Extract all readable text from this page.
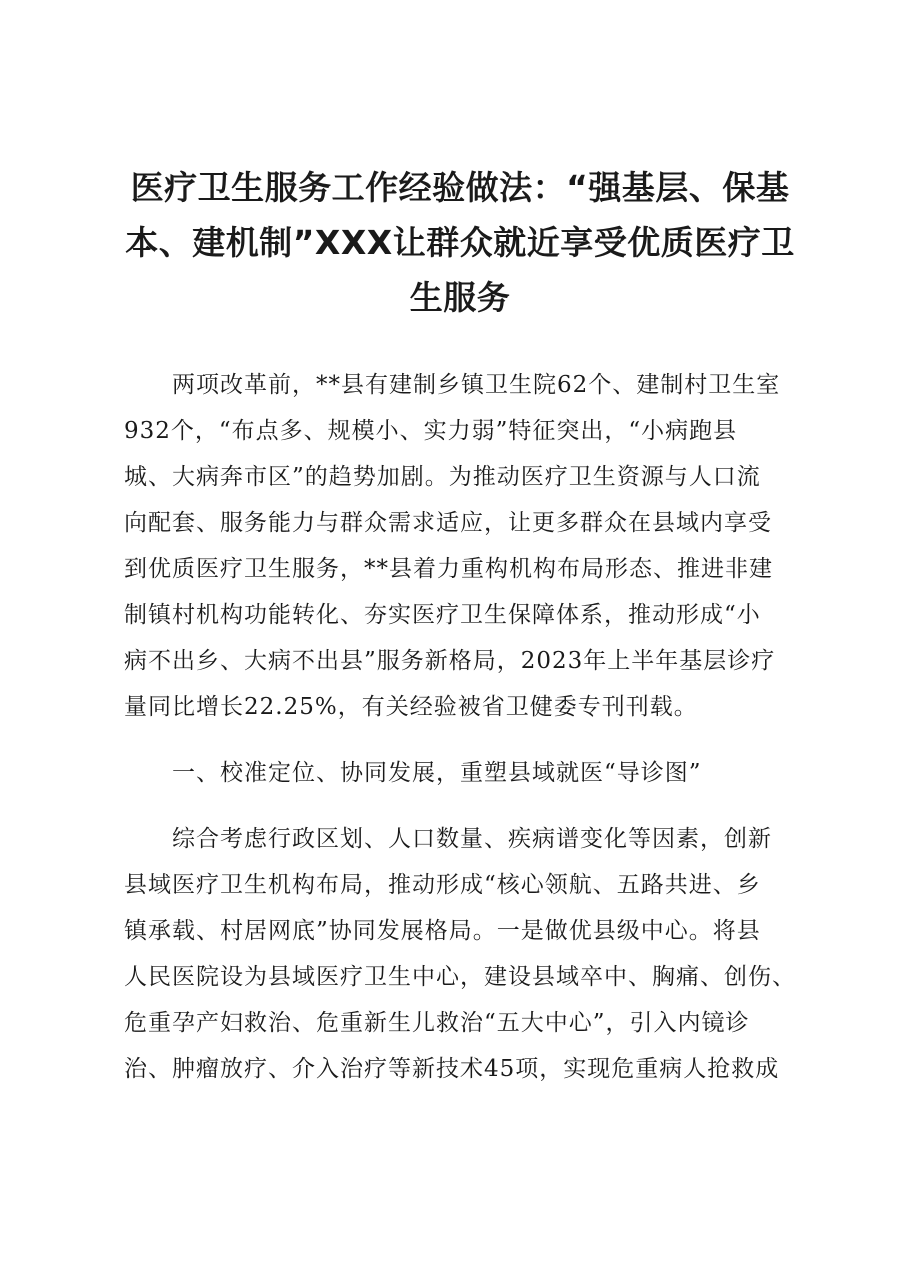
医疗卫生服务工作经验做法：“强基层、保基
本、建机制”XXX让群众就近享受优质医疗卫
生服务
　　两项改革前，**县有建制乡镇卫生院62个、建制村卫生室
932个，“布点多、规模小、实力弱”特征突出，“小病跑县
城、大病奔市区”的趋势加剧。为推动医疗卫生资源与人口流
向配套、服务能力与群众需求适应，让更多群众在县域内享受
到优质医疗卫生服务，**县着力重构机构布局形态、推进非建
制镇村机构功能转化、夯实医疗卫生保障体系，推动形成“小
病不出乡、大病不出县”服务新格局，2023年上半年基层诊疗
量同比增长22.25%，有关经验被省卫健委专刊刊载。
　　一、校准定位、协同发展，重塑县域就医“导诊图”
　　综合考虑行政区划、人口数量、疾病谱变化等因素，创新
县域医疗卫生机构布局，推动形成“核心领航、五路共进、乡
镇承载、村居网底”协同发展格局。一是做优县级中心。将县
人民医院设为县域医疗卫生中心，建设县域卒中、胸痛、创伤、
危重孕产妇救治、危重新生儿救治“五大中心”，引入内镜诊
治、肿瘤放疗、介入治疗等新技术45项，实现危重病人抢救成
